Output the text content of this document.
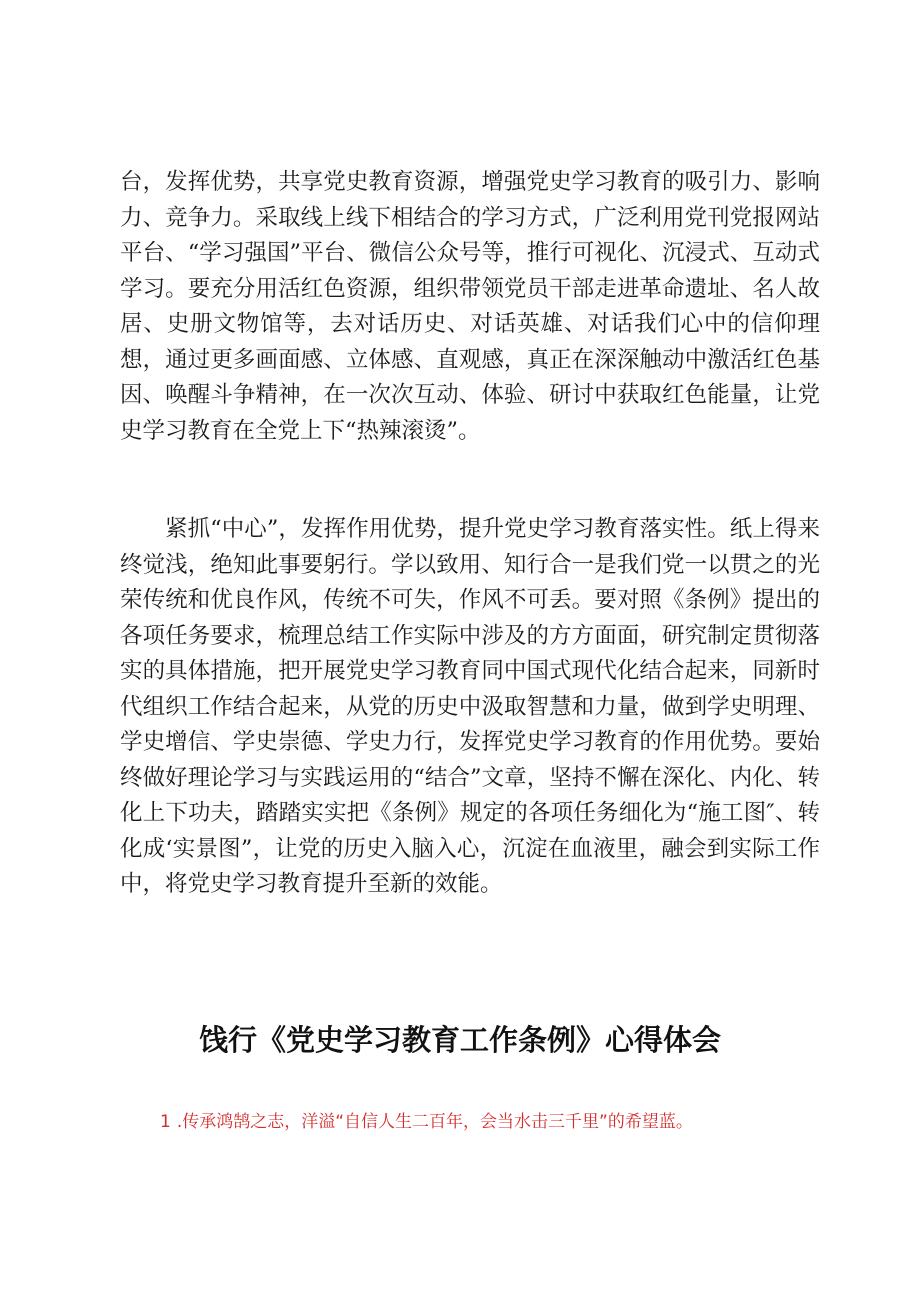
台，发挥优势，共享党史教育资源，增强党史学习教育的吸引力、影响力、竞争力。采取线上线下相结合的学习方式，广泛利用党刊党报网站平台、“学习强国”平台、微信公众号等，推行可视化、沉浸式、互动式学习。要充分用活红色资源，组织带领党员干部走进革命遗址、名人故居、史册文物馆等，去对话历史、对话英雄、对话我们心中的信仰理想，通过更多画面感、立体感、直观感，真正在深深触动中激活红色基因、唤醒斗争精神，在一次次互动、体验、研讨中获取红色能量，让党史学习教育在全党上下“热辣滚烫”。

紧抓“中心”，发挥作用优势，提升党史学习教育落实性。纸上得来终觉浅，绝知此事要躬行。学以致用、知行合一是我们党一以贯之的光荣传统和优良作风，传统不可失，作风不可丢。要对照《条例》提出的各项任务要求，梳理总结工作实际中涉及的方方面面，研究制定贯彻落实的具体措施，把开展党史学习教育同中国式现代化结合起来，同新时代组织工作结合起来，从党的历史中汲取智慧和力量，做到学史明理、学史增信、学史崇德、学史力行，发挥党史学习教育的作用优势。要始终做好理论学习与实践运用的“结合”文章，坚持不懈在深化、内化、转化上下功夫，踏踏实实把《条例》规定的各项任务细化为“施工图″、转化成‘实景图”，让党的历史入脑入心，沉淀在血液里，融会到实际工作中，将党史学习教育提升至新的效能。

饯行《党史学习教育工作条例》心得体会

1 .传承鸿鹄之志，洋溢“自信人生二百年，会当水击三千里”的希望蓝。
